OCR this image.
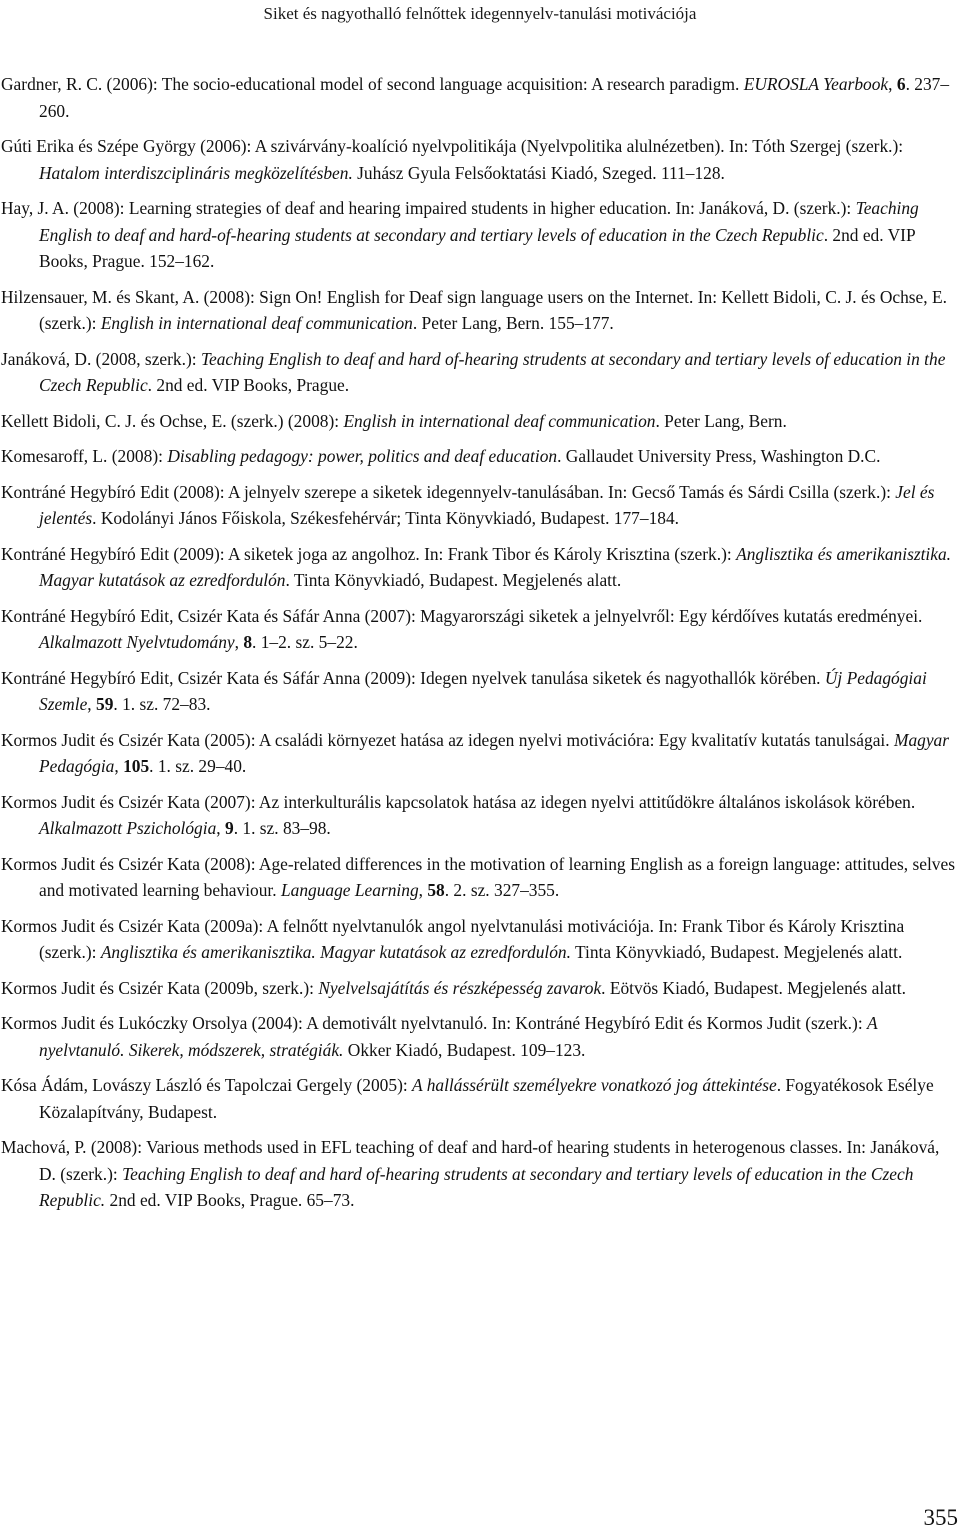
Siket és nagyothalló felnőttek idegennyelv-tanulási motivációja

Gardner, R. C. (2006): The socio-educational model of second language acquisition: A research paradigm. EUROSLA Yearbook, 6. 237–260.

Gúti Erika és Szépe György (2006): A szivárvány-koalíció nyelvpolitikája (Nyelvpolitika alulnézetben). In: Tóth Szergej (szerk.): Hatalom interdiszciplináris megközelítésben. Juhász Gyula Felsőoktatási Kiadó, Szeged. 111–128.

Hay, J. A. (2008): Learning strategies of deaf and hearing impaired students in higher education. In: Janáková, D. (szerk.): Teaching English to deaf and hard-of-hearing students at secondary and tertiary levels of education in the Czech Republic. 2nd ed. VIP Books, Prague. 152–162.

Hilzensauer, M. és Skant, A. (2008): Sign On! English for Deaf sign language users on the Internet. In: Kellett Bidoli, C. J. és Ochse, E. (szerk.): English in international deaf communication. Peter Lang, Bern. 155–177.

Janáková, D. (2008, szerk.): Teaching English to deaf and hard of-hearing strudents at secondary and tertiary levels of education in the Czech Republic. 2nd ed. VIP Books, Prague.

Kellett Bidoli, C. J. és Ochse, E. (szerk.) (2008): English in international deaf communication. Peter Lang, Bern.

Komesaroff, L. (2008): Disabling pedagogy: power, politics and deaf education. Gallaudet University Press, Washington D.C.

Kontráné Hegybíró Edit (2008): A jelnyelv szerepe a siketek idegennyelv-tanulásában. In: Gecső Tamás és Sárdi Csilla (szerk.): Jel és jelentés. Kodolányi János Főiskola, Székesfehérvár; Tinta Könyvkiadó, Budapest. 177–184.

Kontráné Hegybíró Edit (2009): A siketek joga az angolhoz. In: Frank Tibor és Károly Krisztina (szerk.): Anglisztika és amerikanisztika. Magyar kutatások az ezredfordulón. Tinta Könyvkiadó, Budapest. Megjelenés alatt.

Kontráné Hegybíró Edit, Csizér Kata és Sáfár Anna (2007): Magyarországi siketek a jelnyelvről: Egy kérdőíves kutatás eredményei. Alkalmazott Nyelvtudomány, 8. 1–2. sz. 5–22.

Kontráné Hegybíró Edit, Csizér Kata és Sáfár Anna (2009): Idegen nyelvek tanulása siketek és nagyothallók körében. Új Pedagógiai Szemle, 59. 1. sz. 72–83.

Kormos Judit és Csizér Kata (2005): A családi környezet hatása az idegen nyelvi motivációra: Egy kvalitatív kutatás tanulságai. Magyar Pedagógia, 105. 1. sz. 29–40.

Kormos Judit és Csizér Kata (2007): Az interkulturális kapcsolatok hatása az idegen nyelvi attitűdökre általános iskolások körében. Alkalmazott Pszichológia, 9. 1. sz. 83–98.

Kormos Judit és Csizér Kata (2008): Age-related differences in the motivation of learning English as a foreign language: attitudes, selves and motivated learning behaviour. Language Learning, 58. 2. sz. 327–355.

Kormos Judit és Csizér Kata (2009a): A felnőtt nyelvtanulók angol nyelvtanulási motivációja. In: Frank Tibor és Károly Krisztina (szerk.): Anglisztika és amerikanisztika. Magyar kutatások az ezredfordulón. Tinta Könyvkiadó, Budapest. Megjelenés alatt.

Kormos Judit és Csizér Kata (2009b, szerk.): Nyelvelsajátítás és részképesség zavarok. Eötvös Kiadó, Budapest. Megjelenés alatt.

Kormos Judit és Lukóczky Orsolya (2004): A demotivált nyelvtanuló. In: Kontráné Hegybíró Edit és Kormos Judit (szerk.): A nyelvtanuló. Sikerek, módszerek, stratégiák. Okker Kiadó, Budapest. 109–123.

Kósa Ádám, Lovászy László és Tapolczai Gergely (2005): A hallássérült személyekre vonatkozó jog áttekintése. Fogyatékosok Esélye Közalapítvány, Budapest.

Machová, P. (2008): Various methods used in EFL teaching of deaf and hard-of hearing students in heterogenous classes. In: Janáková, D. (szerk.): Teaching English to deaf and hard of-hearing strudents at secondary and tertiary levels of education in the Czech Republic. 2nd ed. VIP Books, Prague. 65–73.

355
